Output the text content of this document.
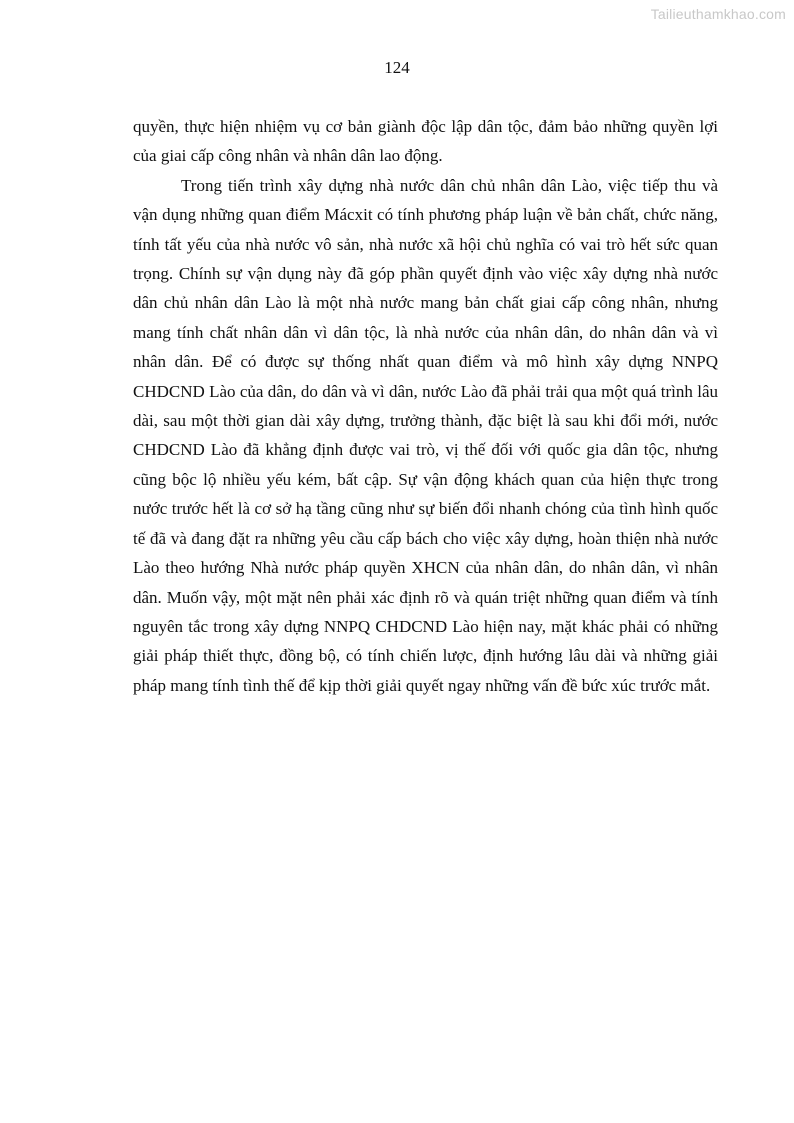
Tailieuthamkhao.com
124

quyền, thực hiện nhiệm vụ cơ bản giành độc lập dân tộc, đảm bảo những quyền lợi của giai cấp công nhân và nhân dân lao động.

Trong tiến trình xây dựng nhà nước dân chủ nhân dân Lào, việc tiếp thu và vận dụng những quan điểm Mácxit có tính phương pháp luận về bản chất, chức năng, tính tất yếu của nhà nước vô sản, nhà nước xã hội chủ nghĩa có vai trò hết sức quan trọng. Chính sự vận dụng này đã góp phần quyết định vào việc xây dựng nhà nước dân chủ nhân dân Lào là một nhà nước mang bản chất giai cấp công nhân, nhưng mang tính chất nhân dân vì dân tộc, là nhà nước của nhân dân, do nhân dân và vì nhân dân. Để có được sự thống nhất quan điểm và mô hình xây dựng NNPQ CHDCND Lào của dân, do dân và vì dân, nước Lào đã phải trải qua một quá trình lâu dài, sau một thời gian dài xây dựng, trưởng thành, đặc biệt là sau khi đổi mới, nước CHDCND Lào đã khẳng định được vai trò, vị thế đối với quốc gia dân tộc, nhưng cũng bộc lộ nhiều yếu kém, bất cập. Sự vận động khách quan của hiện thực trong nước trước hết là cơ sở hạ tầng cũng như sự biến đổi nhanh chóng của tình hình quốc tế đã và đang đặt ra những yêu cầu cấp bách cho việc xây dựng, hoàn thiện nhà nước Lào theo hướng Nhà nước pháp quyền XHCN của nhân dân, do nhân dân, vì nhân dân. Muốn vậy, một mặt nên phải xác định rõ và quán triệt những quan điểm và tính nguyên tắc trong xây dựng NNPQ CHDCND Lào hiện nay, mặt khác phải có những giải pháp thiết thực, đồng bộ, có tính chiến lược, định hướng lâu dài và những giải pháp mang tính tình thế để kịp thời giải quyết ngay những vấn đề bức xúc trước mắt.
